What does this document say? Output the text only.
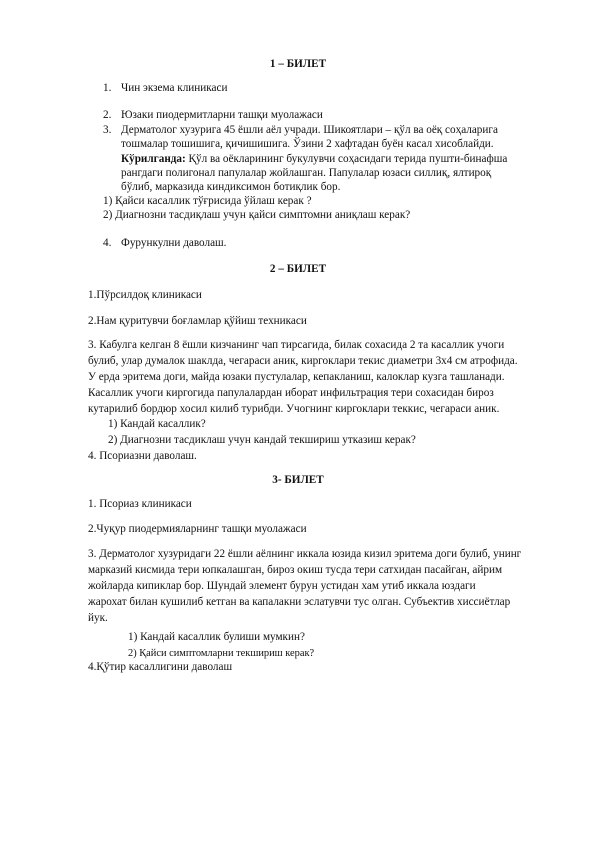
1 – БИЛЕТ
1. Чин экзема клиникаси
2. Юзаки пиодермитларни ташқи муолажаси
3. Дерматолог хузурига 45 ёшли аёл учради. Шикоятлари – қўл ва оёқ соҳаларига
тошмалар тошишига, қичишишига. Ўзини 2 хафтадан буён касал хисоблайди.
Кўрилганда: Қўл ва оёкларининг букулувчи соҳасидаги терида пушти-бинафша
рангдаги полигонал папулалар жойлашган. Папулалар юзаси силлиқ, ялтироқ
бўлиб, марказида киндиксимон ботиқлик бор.
1) Қайси касаллик тўғрисида ўйлаш керак ?
2) Диагнозни тасдиқлаш учун қайси симптомни аниқлаш керак?
4. Фурункулни даволаш.
2 – БИЛЕТ
1.Пўрсилдоқ клиникаси
2.Нам қуритувчи боғламлар қўйиш техникаси
3. Кабулга келган 8 ёшли кизчанинг чап тирсагида, билак сохасида 2 та касаллик учоги
булиб, улар думалок шаклда, чегараси аник, киргоклари текис диаметри 3х4 см атрофида.
У ерда эритема доги, майда юзаки пустулалар, кепакланиш, калоклар кузга ташланади.
Касаллик учоги киргогида папулалардан иборат инфильтрация тери сохасидан бироз
кутарилиб бордюр хосил килиб турибди. Учогнинг киргоклари теккис, чегараси аник.
1) Кандай касаллик?
2) Диагнозни тасдиклаш учун кандай текшириш утказиш керак?
4. Псориазни даволаш.
3- БИЛЕТ
1. Псориаз клиникаси
2.Чуқур пиодермияларнинг ташқи муолажаси
3. Дерматолог хузуридаги 22 ёшли аёлнинг иккала юзида кизил эритема доги булиб, унинг
марказий кисмида тери юпкалашган, бироз окиш тусда тери сатхидан пасайган, айрим
жойларда кипиклар бор. Шундай элемент бурун устидан хам утиб иккала юздаги
жарохат билан кушилиб кетган ва капалакни эслатувчи тус олган. Субъектив хиссиётлар
йук.
1) Кандай касаллик булиши мумкин?
2) Қайси симптомларни текшириш керак?
4.Қўтир касаллигини даволаш
